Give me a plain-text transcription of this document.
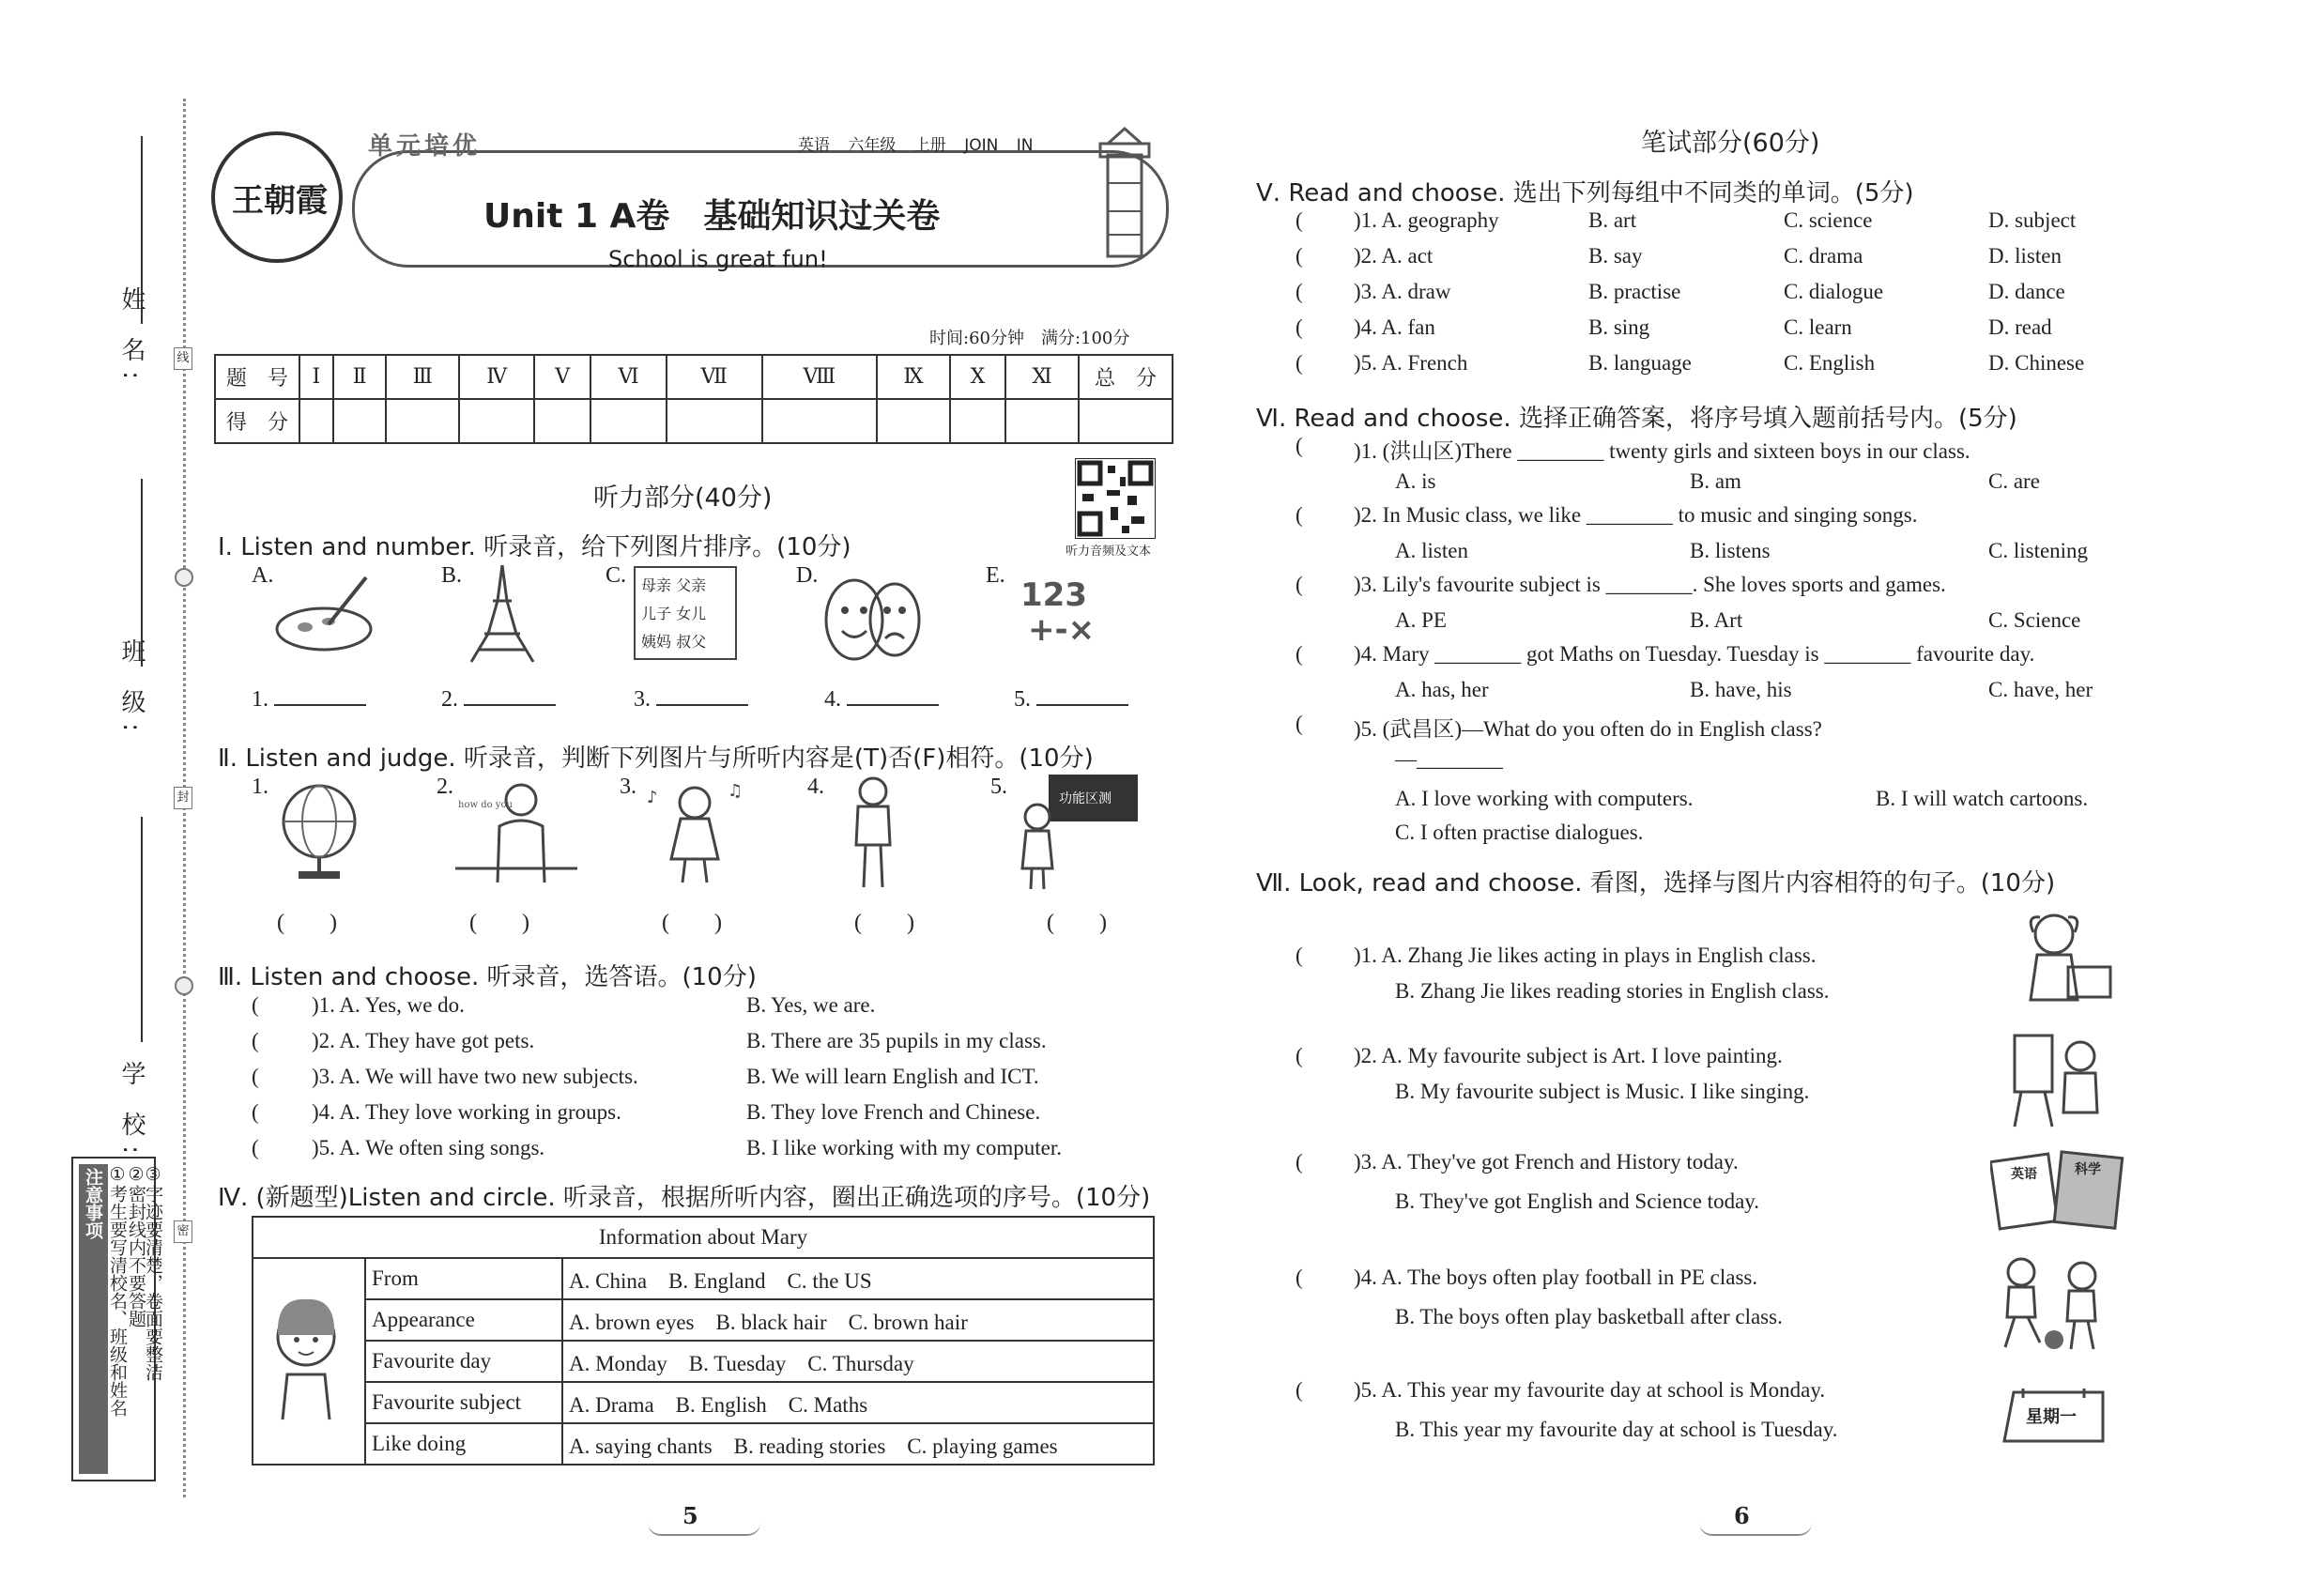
姓 名:
班 级:
学 校:
线
封
密
注意事项 ①考生要写清校名、班级和姓名
②密封线内不要答题
③字迹要清楚，卷面要整洁
王朝霞
单元培优	英语 六年级 上册 JOIN IN
Unit 1 A卷　基础知识过关卷
School is great fun!
时间:60分钟　满分:100分
题　号	Ⅰ	Ⅱ	Ⅲ	Ⅳ	Ⅴ	Ⅵ	Ⅶ	Ⅷ	Ⅸ	Ⅹ	Ⅺ	总　分
得　分												
听力音频及文本
听力部分(40分)
Ⅰ. Listen and number. 听录音，给下列图片排序。(10分)
A.	B.	C.	D.	E.
母亲 父亲
儿子 女儿
姨妈 叔父
123
+-×
1.	2.	3.	4.	5.
Ⅱ. Listen and judge. 听录音，判断下列图片与所听内容是(T)否(F)相符。(10分)
1.	2.	3.	4.	5.
how do you	♪	♫	功能区测
(　　)	(　　)	(　　)	(　　)	(　　)
Ⅲ. Listen and choose. 听录音，选答语。(10分)
( )1. A. Yes, we do.	B. Yes, we are.
( )2. A. They have got pets.	B. There are 35 pupils in my class.
( )3. A. We will have two new subjects.	B. We will learn English and ICT.
( )4. A. They love working in groups.	B. They love French and Chinese.
( )5. A. We often sing songs.	B. I like working with my computer.
Ⅳ. (新题型)Listen and circle. 听录音，根据所听内容，圈出正确选项的序号。(10分)
Information about Mary		
	From	A. China　B. England　C. the US
	Appearance	A. brown eyes　B. black hair　C. brown hair
	Favourite day	A. Monday　B. Tuesday　C. Thursday
	Favourite subject	A. Drama　B. English　C. Maths
	Like doing	A. saying chants　B. reading stories　C. playing games
5
笔试部分(60分)
Ⅴ. Read and choose. 选出下列每组中不同类的单词。(5分)
( )1. A. geography	B. art	C. science	D. subject
( )2. A. act	B. say	C. drama	D. listen
( )3. A. draw	B. practise	C. dialogue	D. dance
( )4. A. fan	B. sing	C. learn	D. read
( )5. A. French	B. language	C. English	D. Chinese
Ⅵ. Read and choose. 选择正确答案，将序号填入题前括号内。(5分)
( )1. (洪山区)There ________ twenty girls and sixteen boys in our class.
A. is	B. am	C. are
( )2. In Music class, we like ________ to music and singing songs.
A. listen	B. listens	C. listening
( )3. Lily's favourite subject is ________. She loves sports and games.
A. PE	B. Art	C. Science
( )4. Mary ________ got Maths on Tuesday. Tuesday is ________ favourite day.
A. has, her	B. have, his	C. have, her
( )5. (武昌区)—What do you often do in English class?
—________
A. I love working with computers.	B. I will watch cartoons.
C. I often practise dialogues.
Ⅶ. Look, read and choose. 看图，选择与图片内容相符的句子。(10分)
( )1. A. Zhang Jie likes acting in plays in English class.
B. Zhang Jie likes reading stories in English class.
( )2. A. My favourite subject is Art. I love painting.
B. My favourite subject is Music. I like singing.
( )3. A. They've got French and History today.
B. They've got English and Science today.
( )4. A. The boys often play football in PE class.
B. The boys often play basketball after class.
( )5. A. This year my favourite day at school is Monday.
B. This year my favourite day at school is Tuesday.
英语	科学
星期一
6
